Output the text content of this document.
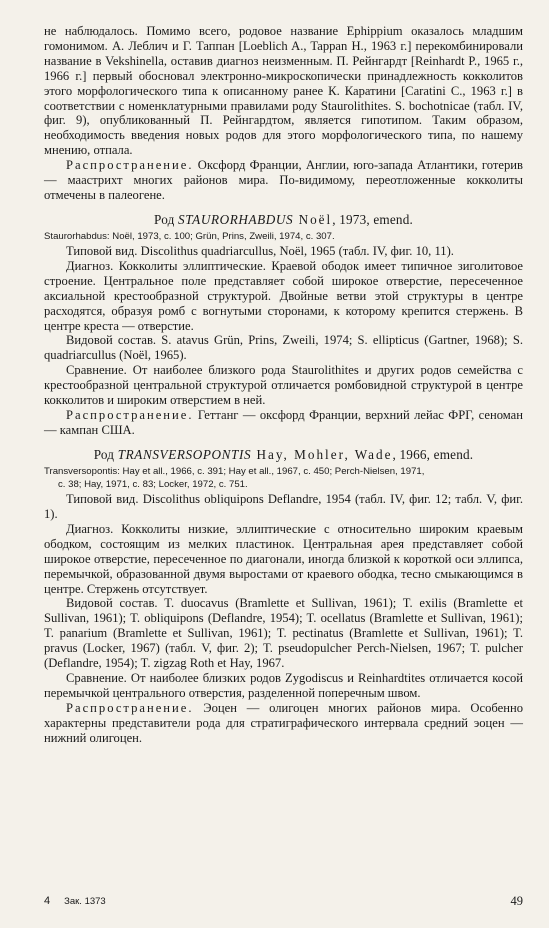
не наблюдалось. Помимо всего, родовое название Ephippium оказалось младшим гомонимом. А. Леблич и Г. Таппан [Loeblich A., Tappan H., 1963 г.] перекомбинировали название в Vekshinella, оставив диагноз неизменным. П. Рейнгардт [Reinhardt P., 1965 г., 1966 г.] первый обосновал электронно-микроскопически принадлежность кокколитов этого морфологического типа к описанному ранее К. Каратини [Caratini C., 1963 г.] в соответствии с номенклатурными правилами роду Staurolithites. S. bochotnicae (табл. IV, фиг. 9), опубликованный П. Рейнгардтом, является гипотипом. Таким образом, необходимость введения новых родов для этого морфологического типа, по нашему мнению, отпала.

Распространение. Оксфорд Франции, Англии, юго-запада Атлантики, готерив — маастрихт многих районов мира. По-видимому, переотложенные кокколиты отмечены в палеогене.

Род STAURORHABDUS Noël, 1973, emend.

Staurorhabdus: Noël, 1973, с. 100; Grün, Prins, Zweili, 1974, с. 307.

Типовой вид. Discolithus quadriarcullus, Noël, 1965 (табл. IV, фиг. 10, 11).

Диагноз. Кокколиты эллиптические. Краевой ободок имеет типичное зиголитовое строение. Центральное поле представляет собой широкое отверстие, пересеченное аксиальной крестообразной структурой. Двойные ветви этой структуры в центре расходятся, образуя ромб с вогнутыми сторонами, к которому крепится стержень. В центре креста — отверстие.

Видовой состав. S. atavus Grün, Prins, Zweili, 1974; S. ellipticus (Gartner, 1968); S. quadriarcullus (Noël, 1965).

Сравнение. От наиболее близкого рода Staurolithites и других родов семейства с крестообразной центральной структурой отличается ромбовидной структурой в центре кокколитов и широким отверстием в ней.

Распространение. Геттанг — оксфорд Франции, верхний лейас ФРГ, сеноман — кампан США.

Род TRANSVERSOPONTIS Hay, Mohler, Wade, 1966, emend.

Transversopontis: Hay et all., 1966, с. 391; Hay et all., 1967, с. 450; Perch-Nielsen, 1971,

с. 38; Hay, 1971, с. 83; Locker, 1972, с. 751.

Типовой вид. Discolithus obliquipons Deflandre, 1954 (табл. IV, фиг. 12; табл. V, фиг. 1).

Диагноз. Кокколиты низкие, эллиптические с относительно широким краевым ободком, состоящим из мелких пластинок. Центральная арея представляет собой широкое отверстие, пересеченное по диагонали, иногда близкой к короткой оси эллипса, перемычкой, образованной двумя выростами от краевого ободка, тесно смыкающимся в центре. Стержень отсутствует.

Видовой состав. T. duocavus (Bramlette et Sullivan, 1961); T. exilis (Bramlette et Sullivan, 1961); T. obliquipons (Deflandre, 1954); T. ocellatus (Bramlette et Sullivan, 1961); T. panarium (Bramlette et Sullivan, 1961); T. pectinatus (Bramlette et Sullivan, 1961); T. pravus (Locker, 1967) (табл. V, фиг. 2); T. pseudopulcher Perch-Nielsen, 1967; T. pulcher (Deflandre, 1954); T. zigzag Roth et Hay, 1967.

Сравнение. От наиболее близких родов Zygodiscus и Reinhardtites отличается косой перемычкой центрального отверстия, разделенной поперечным швом.

Распространение. Эоцен — олигоцен многих районов мира. Особенно характерны представители рода для стратиграфического интервала средний эоцен — нижний олигоцен.

4 Зак. 1373	49
